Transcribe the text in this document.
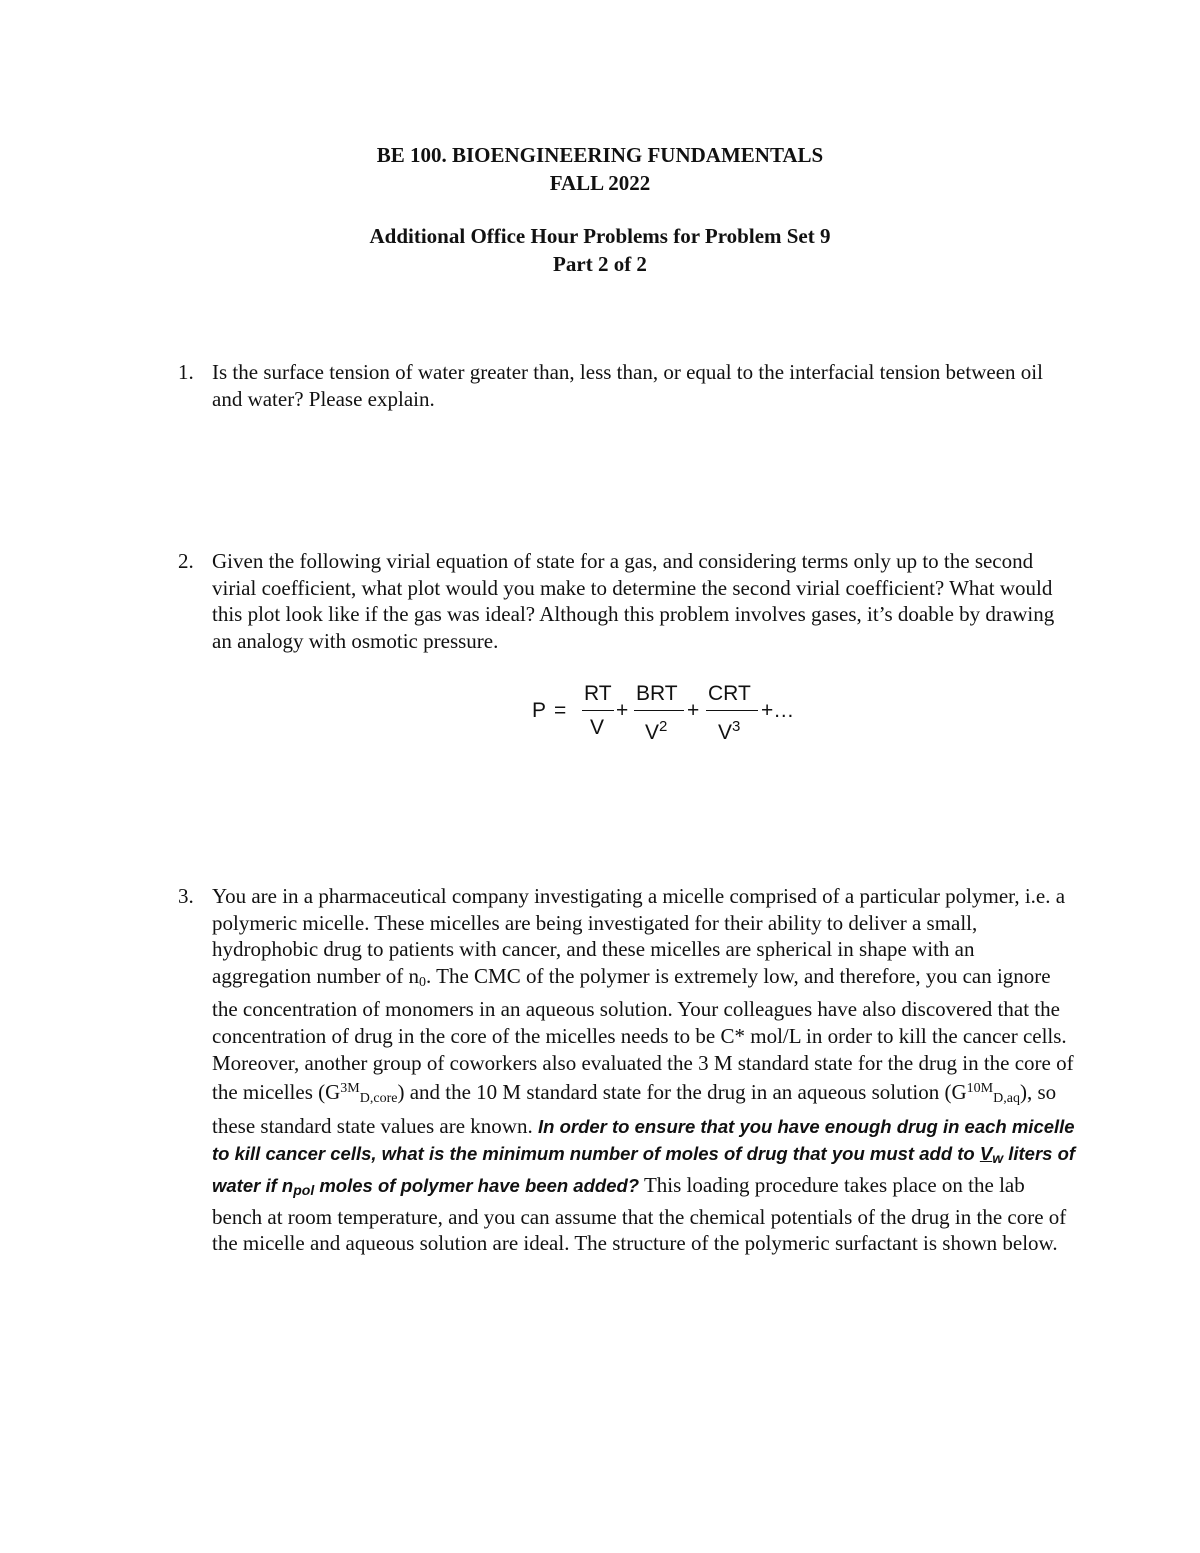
BE 100. BIOENGINEERING FUNDAMENTALS
FALL 2022
Additional Office Hour Problems for Problem Set 9
Part 2 of 2
1. Is the surface tension of water greater than, less than, or equal to the interfacial tension between oil and water? Please explain.
2. Given the following virial equation of state for a gas, and considering terms only up to the second virial coefficient, what plot would you make to determine the second virial coefficient? What would this plot look like if the gas was ideal? Although this problem involves gases, it’s doable by drawing an analogy with osmotic pressure.
P =
RT
V
+
BRT
$V^2$
+
CRT
$V^3$
+…
3. You are in a pharmaceutical company investigating a micelle comprised of a particular polymer, i.e. a polymeric micelle. These micelles are being investigated for their ability to deliver a small, hydrophobic drug to patients with cancer, and these micelles are spherical in shape with an aggregation number of n0. The CMC of the polymer is extremely low, and therefore, you can ignore the concentration of monomers in an aqueous solution. Your colleagues have also discovered that the concentration of drug in the core of the micelles needs to be C* mol/L in order to kill the cancer cells. Moreover, another group of coworkers also evaluated the 3 M standard state for the drug in the core of the micelles $(G^{3M}D,core)$ and the 10 M standard state for the drug in an aqueous solution $(G^{10M}D,aq)$, so these standard state values are known. In order to ensure that you have enough drug in each micelle to kill cancer cells, what is the minimum number of moles of drug that you must add to Vw liters of water if npol moles of polymer have been added? This loading procedure takes place on the lab bench at room temperature, and you can assume that the chemical potentials of the drug in the core of the micelle and aqueous solution are ideal. The structure of the polymeric surfactant is shown below.
